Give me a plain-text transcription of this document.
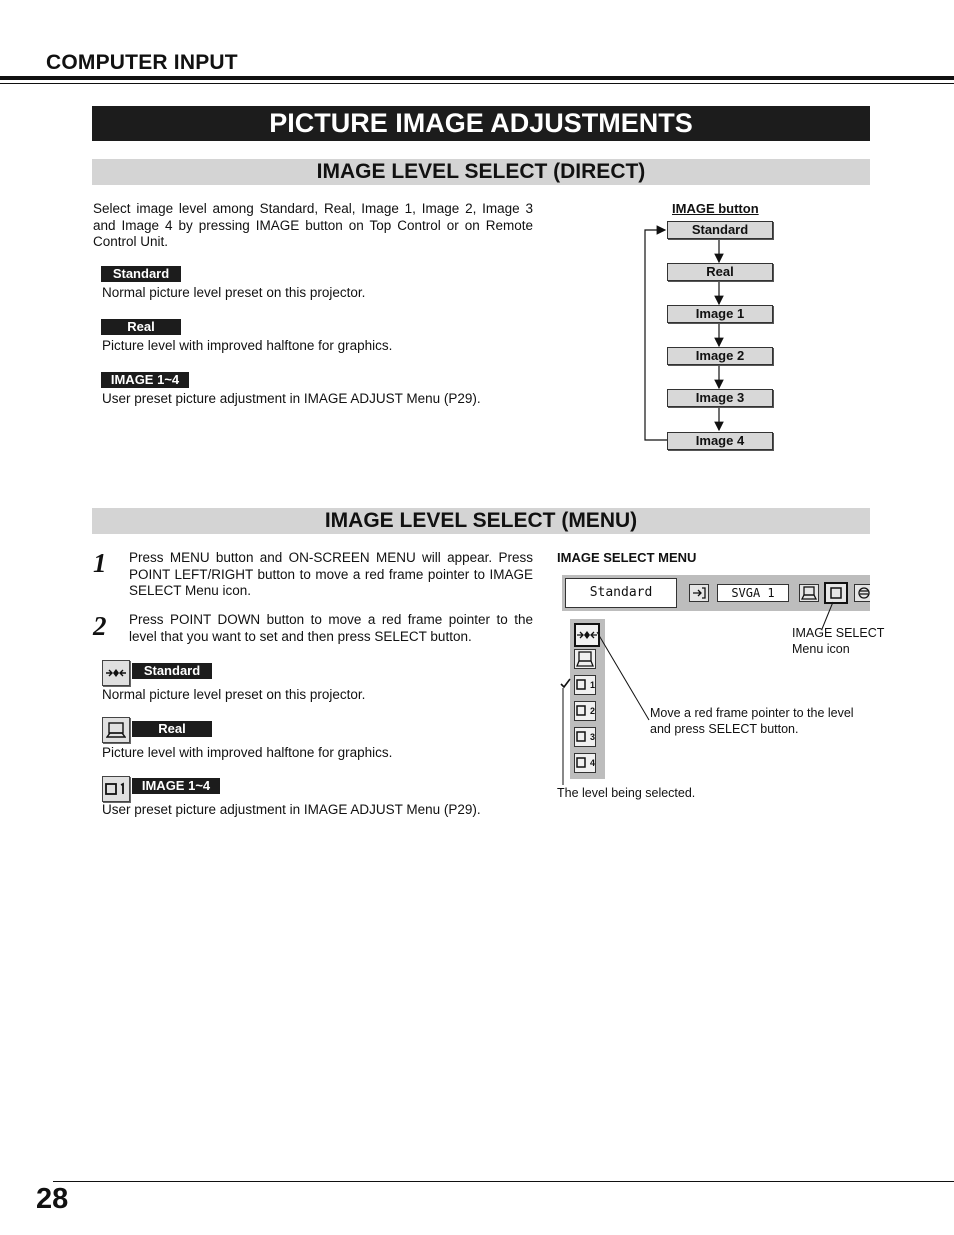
COMPUTER INPUT
PICTURE IMAGE ADJUSTMENTS
IMAGE LEVEL SELECT (DIRECT)
Select image level among Standard, Real, Image 1, Image 2, Image 3 and Image 4 by pressing IMAGE button on Top Control or on Remote Control Unit.
Standard
Normal picture level preset on this projector.
Real
Picture level with improved halftone for graphics.
IMAGE 1~4
User preset picture adjustment in IMAGE ADJUST Menu (P29).
IMAGE button
Standard
Real
Image 1
Image 2
Image 3
Image 4
IMAGE LEVEL SELECT (MENU)
1 Press MENU button and ON-SCREEN MENU will appear. Press POINT LEFT/RIGHT button to move a red frame pointer to IMAGE SELECT Menu icon.
2 Press POINT DOWN button to move a red frame pointer to the level that you want to set and then press SELECT button.
Standard
Normal picture level preset on this projector.
Real
Picture level with improved halftone for graphics.
IMAGE 1~4
User preset picture adjustment in IMAGE ADJUST Menu (P29).
IMAGE SELECT MENU
Standard	SVGA 1
1
2
3
4
IMAGE SELECT
Menu icon
Move a red frame pointer to the level and press SELECT button.
The level being selected.
28
